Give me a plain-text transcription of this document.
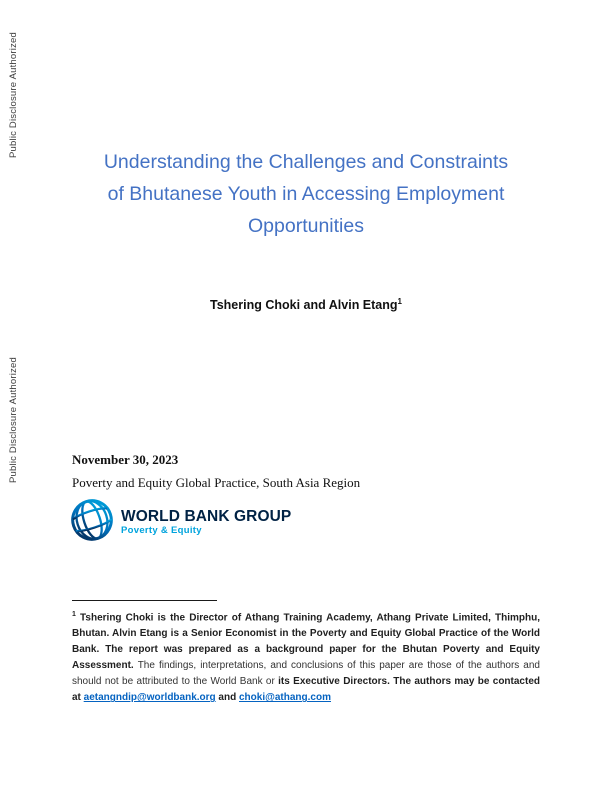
Public Disclosure Authorized
Public Disclosure Authorized
Understanding the Challenges and Constraints
of Bhutanese Youth in Accessing Employment
Opportunities
Tshering Choki and Alvin Etang$^1$
November 30, 2023
Poverty and Equity Global Practice, South Asia Region
WORLD BANK GROUP
Poverty & Equity
$^1$ Tshering Choki is the Director of Athang Training Academy, Athang Private Limited, Thimphu, Bhutan. Alvin Etang is a Senior Economist in the Poverty and Equity Global Practice of the World Bank. The report was prepared as a background paper for the Bhutan Poverty and Equity Assessment. The findings, interpretations, and conclusions of this paper are those of the authors and should not be attributed to the World Bank or its Executive Directors. The authors may be contacted at aetangndip@worldbank.org and choki@athang.com
